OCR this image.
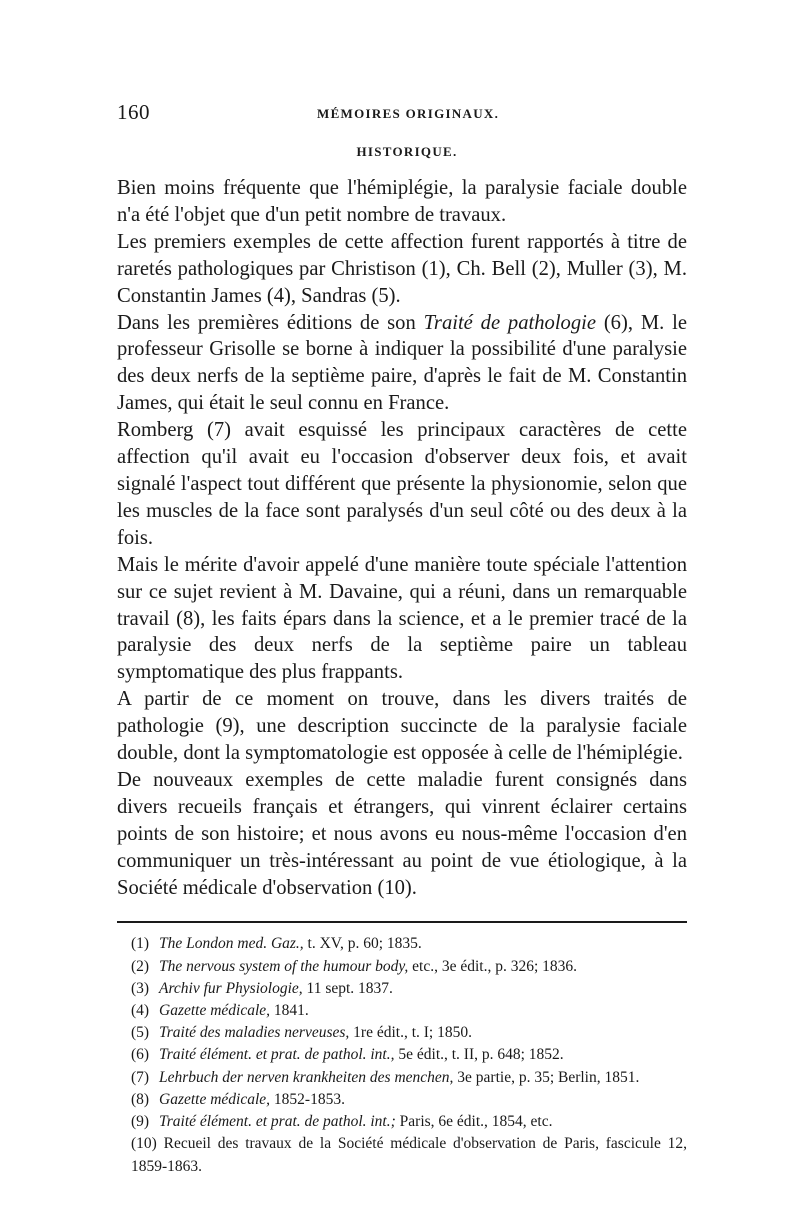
160	MÉMOIRES ORIGINAUX.
HISTORIQUE.

Bien moins fréquente que l'hémiplégie, la paralysie faciale double n'a été l'objet que d'un petit nombre de travaux.

Les premiers exemples de cette affection furent rapportés à titre de raretés pathologiques par Christison (1), Ch. Bell (2), Muller (3), M. Constantin James (4), Sandras (5).

Dans les premières éditions de son Traité de pathologie (6), M. le professeur Grisolle se borne à indiquer la possibilité d'une paralysie des deux nerfs de la septième paire, d'après le fait de M. Constantin James, qui était le seul connu en France.

Romberg (7) avait esquissé les principaux caractères de cette affection qu'il avait eu l'occasion d'observer deux fois, et avait signalé l'aspect tout différent que présente la physionomie, selon que les muscles de la face sont paralysés d'un seul côté ou des deux à la fois.

Mais le mérite d'avoir appelé d'une manière toute spéciale l'attention sur ce sujet revient à M. Davaine, qui a réuni, dans un remarquable travail (8), les faits épars dans la science, et a le premier tracé de la paralysie des deux nerfs de la septième paire un tableau symptomatique des plus frappants.

A partir de ce moment on trouve, dans les divers traités de pathologie (9), une description succincte de la paralysie faciale double, dont la symptomatologie est opposée à celle de l'hémiplégie.

De nouveaux exemples de cette maladie furent consignés dans divers recueils français et étrangers, qui vinrent éclairer certains points de son histoire; et nous avons eu nous-même l'occasion d'en communiquer un très-intéressant au point de vue étiologique, à la Société médicale d'observation (10).

(1) The London med. Gaz., t. XV, p. 60; 1835.

(2) The nervous system of the humour body, etc., 3e édit., p. 326; 1836.

(3) Archiv fur Physiologie, 11 sept. 1837.

(4) Gazette médicale, 1841.

(5) Traité des maladies nerveuses, 1re édit., t. I; 1850.

(6) Traité élément. et prat. de pathol. int., 5e édit., t. II, p. 648; 1852.

(7) Lehrbuch der nerven krankheiten des menchen, 3e partie, p. 35; Berlin, 1851.

(8) Gazette médicale, 1852-1853.

(9) Traité élément. et prat. de pathol. int.; Paris, 6e édit., 1854, etc.

(10) Recueil des travaux de la Société médicale d'observation de Paris, fascicule 12, 1859-1863.
